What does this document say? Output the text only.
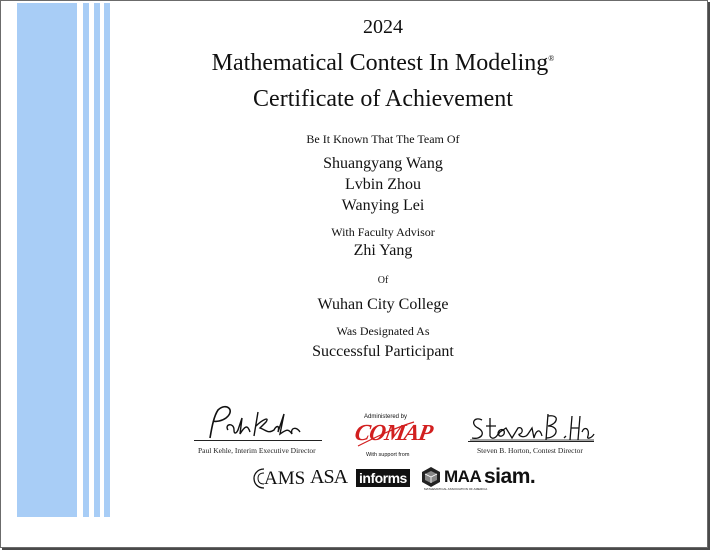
2024
Mathematical Contest In Modeling®
Certificate of Achievement
Be It Known That The Team Of
Shuangyang Wang
Lvbin Zhou
Wanying Lei
With Faculty Advisor
Zhi Yang
Of
Wuhan City College
Was Designated As
Successful Participant
Paul Kehle, Interim Executive Director	Steven B. Horton, Contest Director
Administered by
COMAP
With support from
AMS ASA informs MAA
MATHEMATICAL ASSOCIATION OF AMERICA
siam.
